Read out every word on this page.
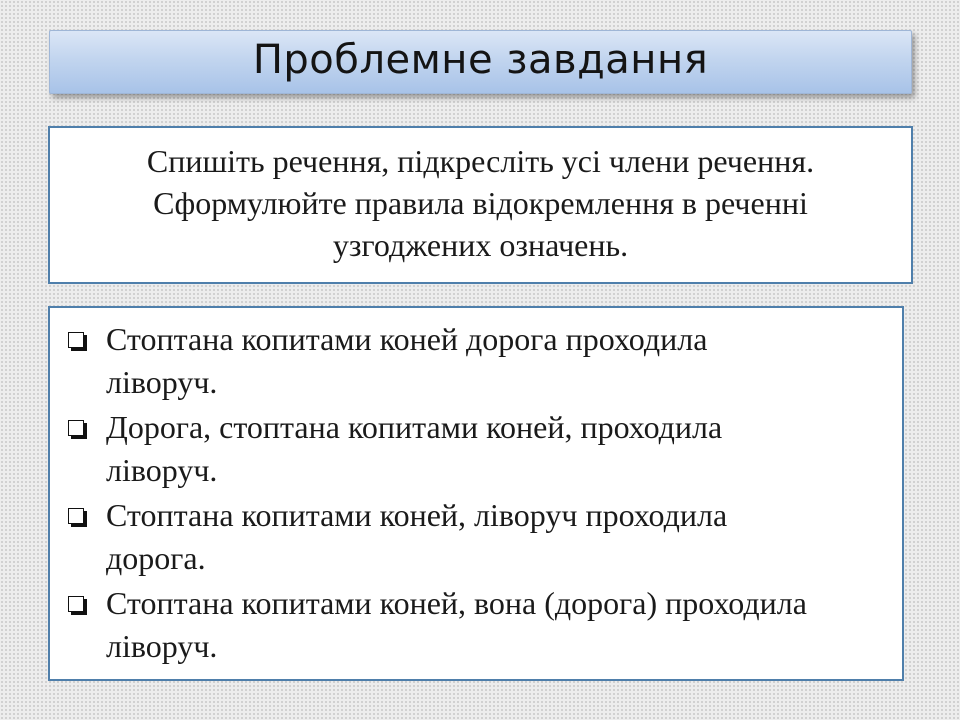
Проблемне завдання
Спишіть речення, підкресліть усі члени речення.
Сформулюйте правила відокремлення в реченні
узгоджених означень.
Стоптана копитами коней дорога проходила ліворуч.
Дорога, стоптана копитами коней, проходила ліворуч.
Стоптана копитами коней, ліворуч проходила дорога.
Стоптана копитами коней, вона (дорога) проходила ліворуч.
